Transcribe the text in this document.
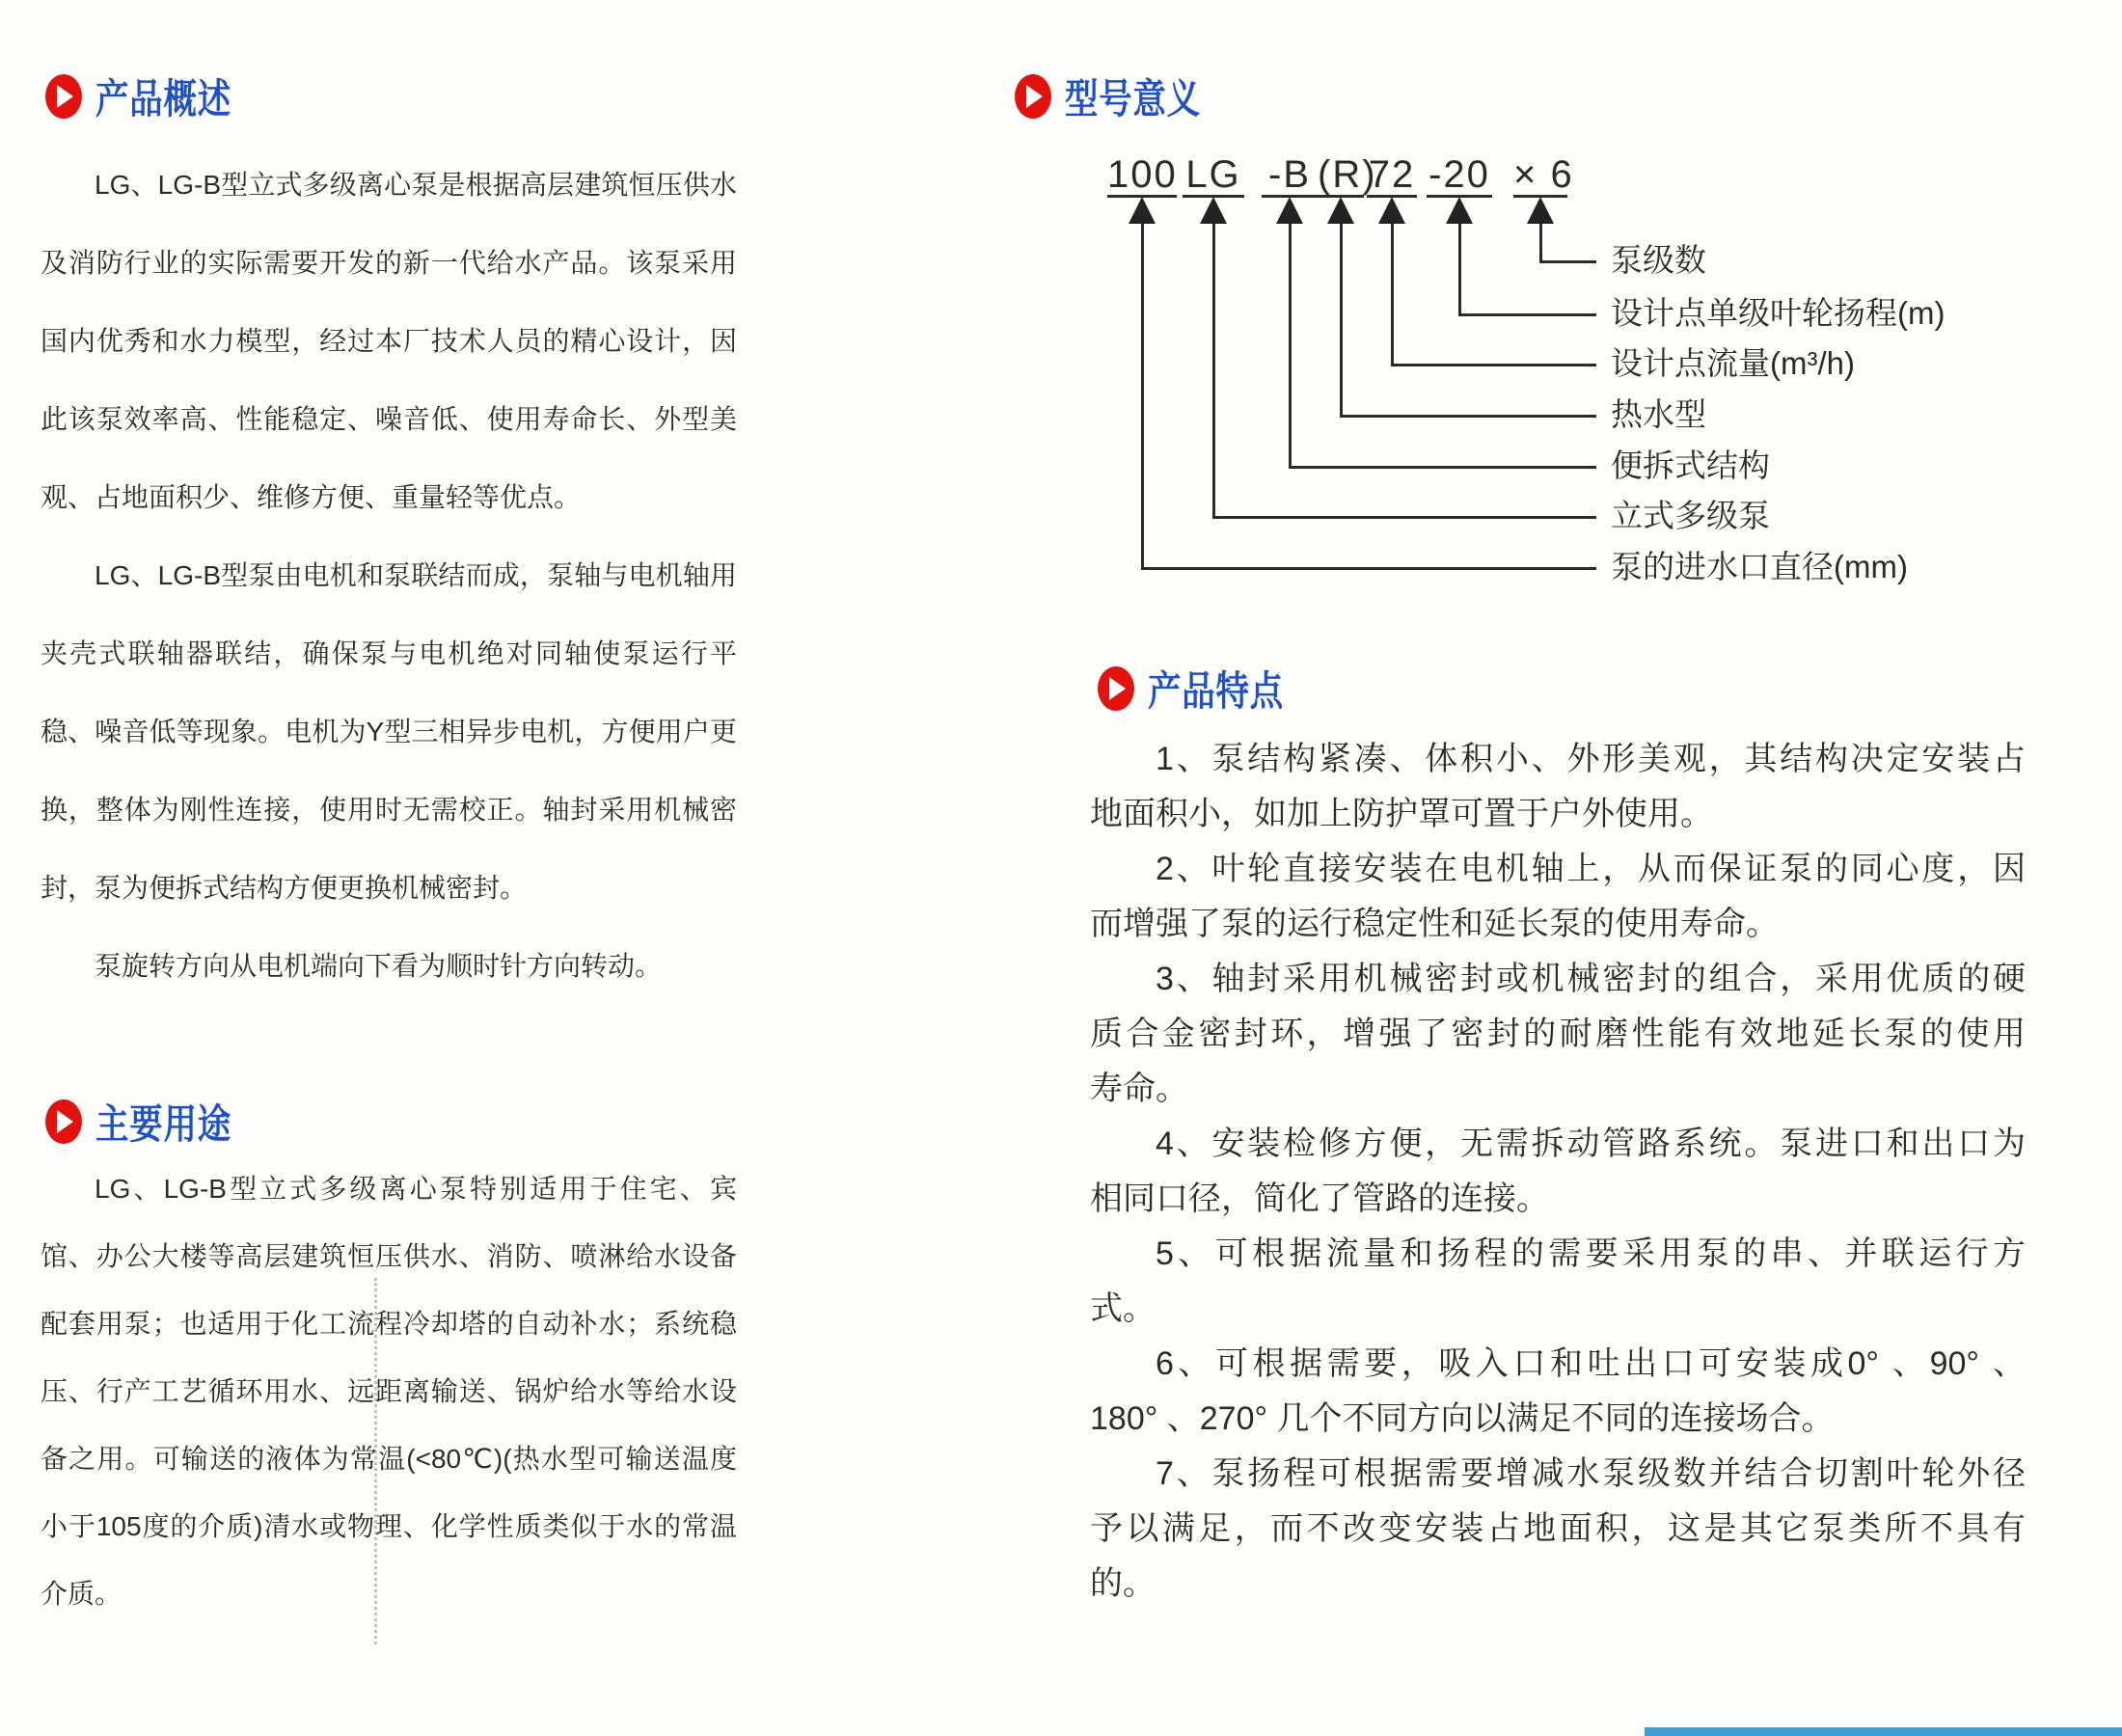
产品概述
LG、LG-B型立式多级离心泵是根据高层建筑恒压供水
及消防行业的实际需要开发的新一代给水产品。该泵采用
国内优秀和水力模型，经过本厂技术人员的精心设计，因
此该泵效率高、性能稳定、噪音低、使用寿命长、外型美
观、占地面积少、维修方便、重量轻等优点。
LG、LG-B型泵由电机和泵联结而成，泵轴与电机轴用
夹壳式联轴器联结，确保泵与电机绝对同轴使泵运行平
稳、噪音低等现象。电机为Y型三相异步电机，方便用户更
换，整体为刚性连接，使用时无需校正。轴封采用机械密
封，泵为便拆式结构方便更换机械密封。
泵旋转方向从电机端向下看为顺时针方向转动。
主要用途
LG、LG-B型立式多级离心泵特别适用于住宅、宾
馆、办公大楼等高层建筑恒压供水、消防、喷淋给水设备
配套用泵；也适用于化工流程冷却塔的自动补水；系统稳
压、行产工艺循环用水、远距离输送、锅炉给水等给水设
备之用。可输送的液体为常温(<80℃)(热水型可输送温度
小于105度的介质)清水或物理、化学性质类似于水的常温
介质。
型号意义
100 LG -B (R)
72 -20 × 6
泵级数
设计点单级叶轮扬程(m)
设计点流量(m³/h)
热水型
便拆式结构
立式多级泵
泵的进水口直径(mm)
产品特点
1、泵结构紧凑、体积小、外形美观，其结构决定安装占
地面积小，如加上防护罩可置于户外使用。
2、叶轮直接安装在电机轴上，从而保证泵的同心度，因
而增强了泵的运行稳定性和延长泵的使用寿命。
3、轴封采用机械密封或机械密封的组合，采用优质的硬
质合金密封环，增强了密封的耐磨性能有效地延长泵的使用
寿命。
4、安装检修方便，无需拆动管路系统。泵进口和出口为
相同口径，简化了管路的连接。
5、可根据流量和扬程的需要采用泵的串、并联运行方
式。
6、可根据需要，吸入口和吐出口可安装成0° 、90° 、
180° 、270° 几个不同方向以满足不同的连接场合。
7、泵扬程可根据需要增减水泵级数并结合切割叶轮外径
予以满足，而不改变安装占地面积，这是其它泵类所不具有
的。
